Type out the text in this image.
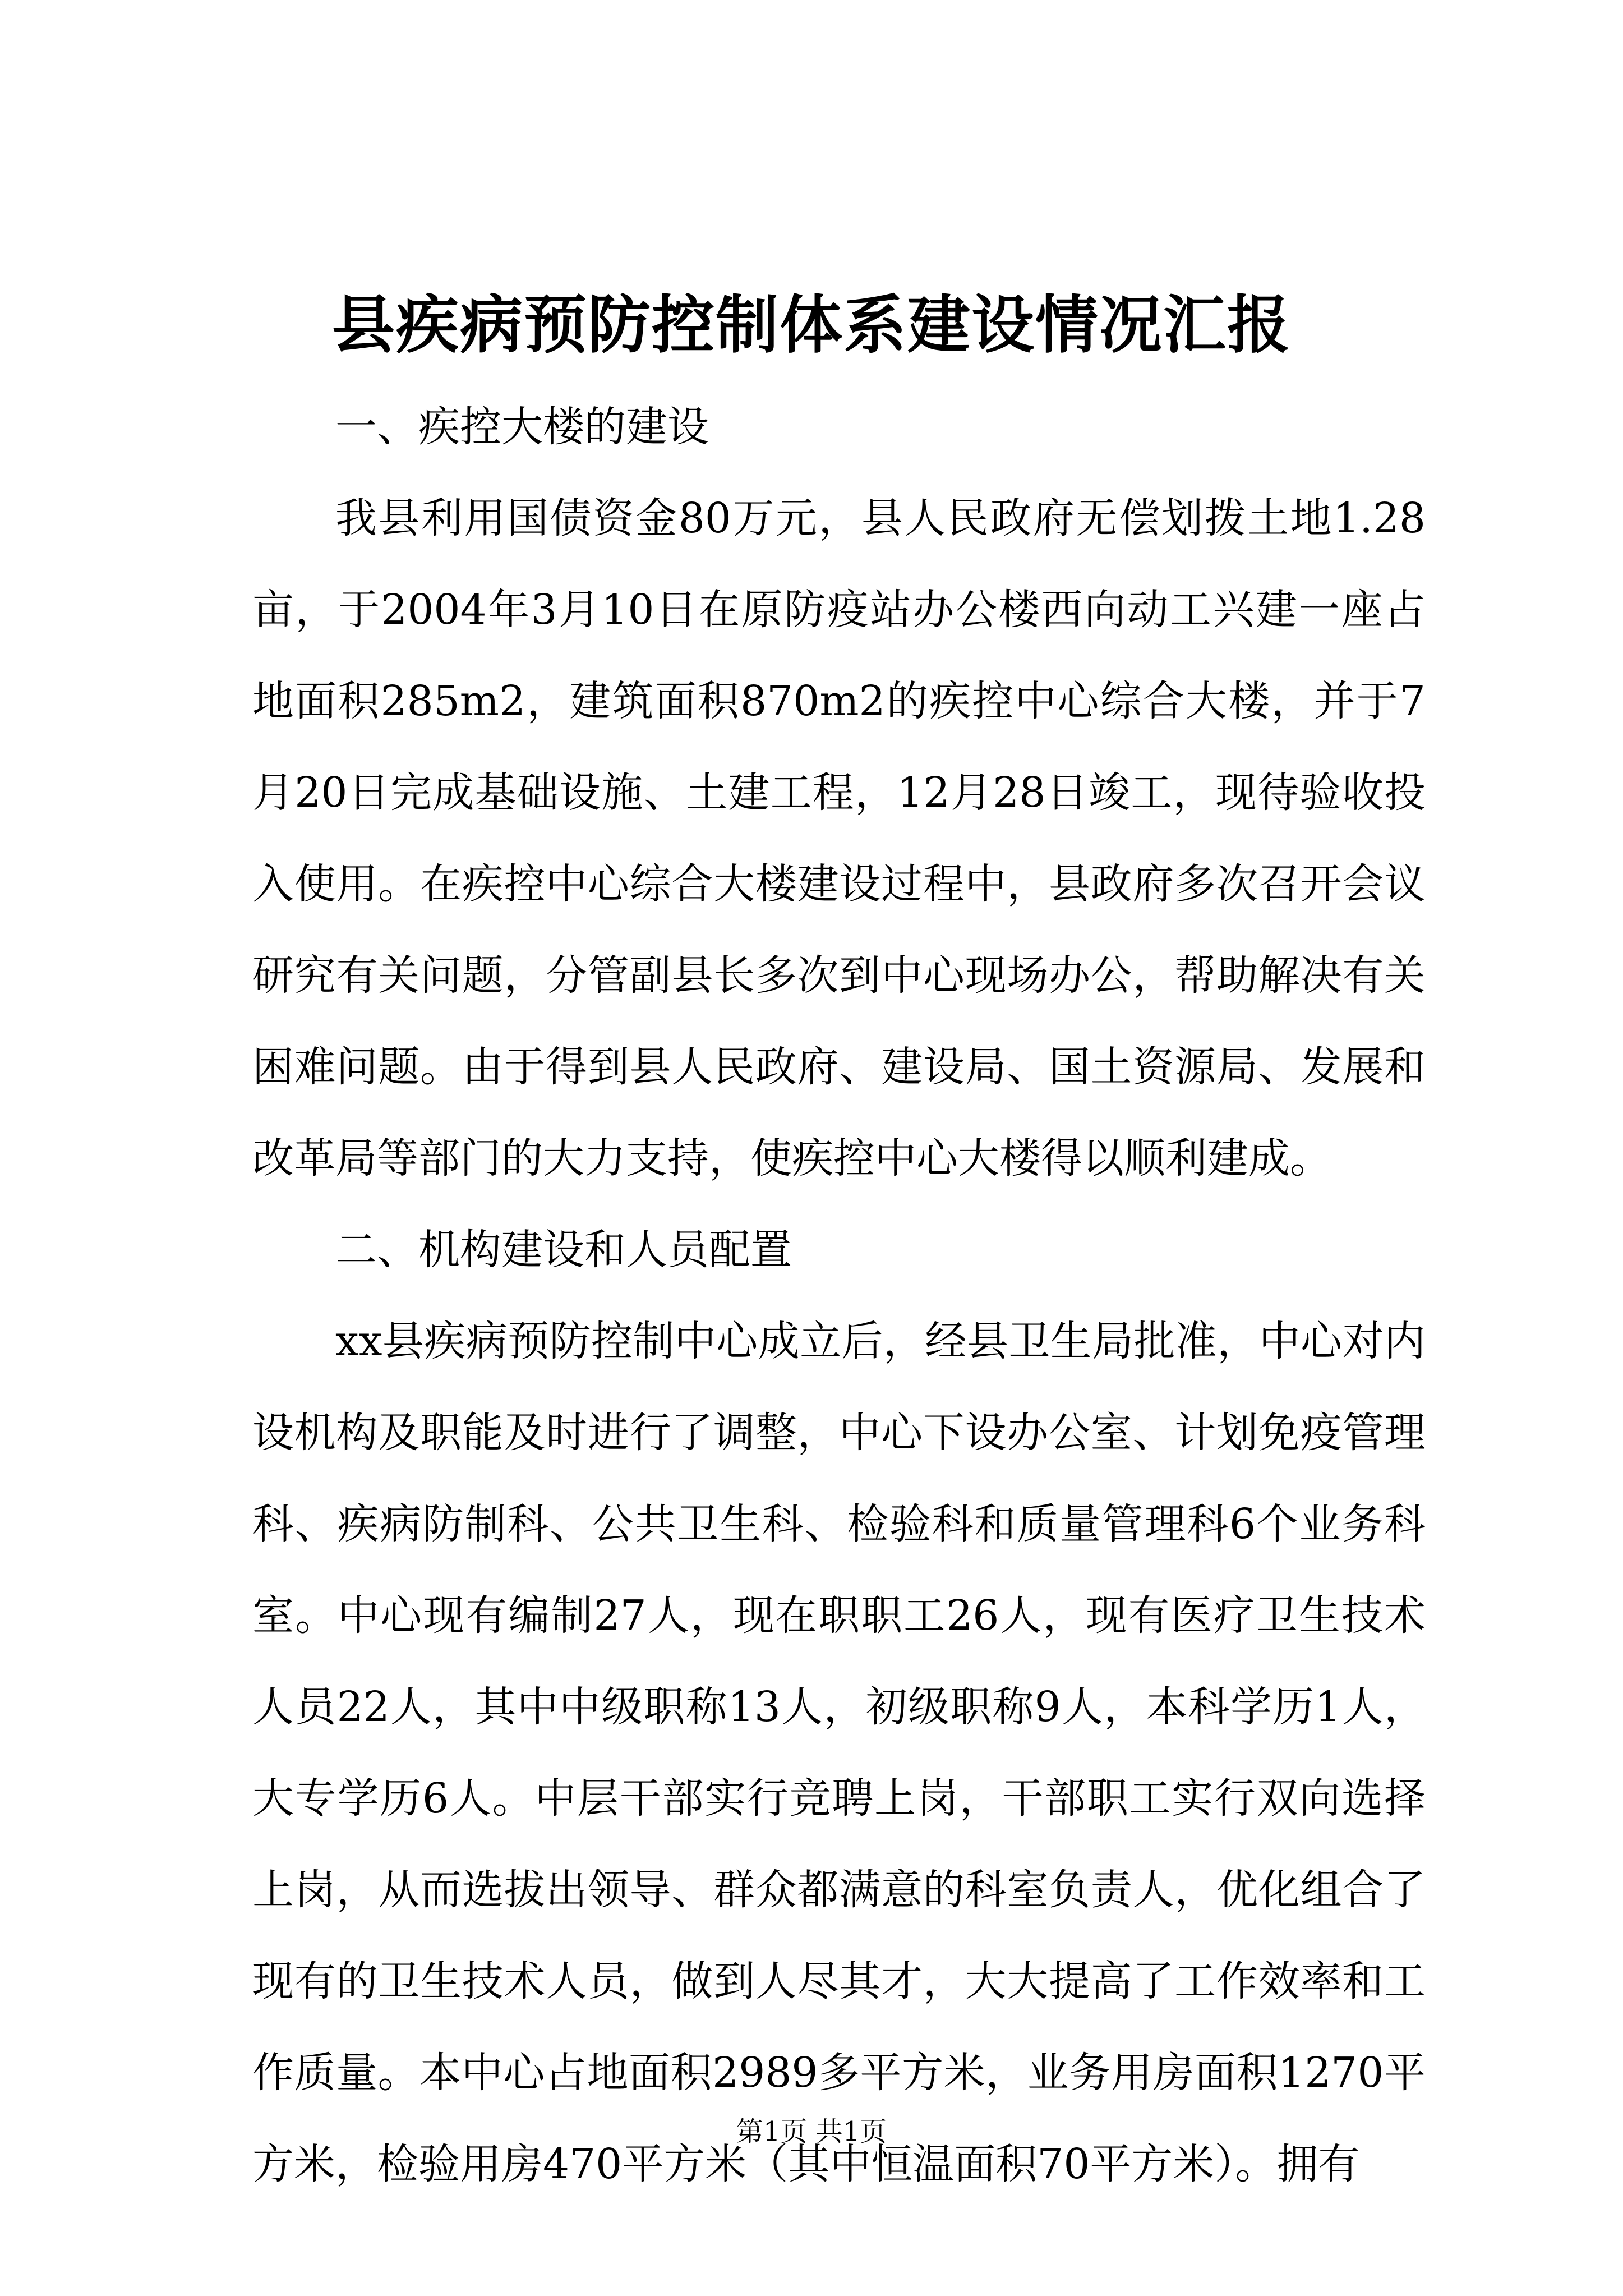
县疾病预防控制体系建设情况汇报

一、疾控大楼的建设

我县利用国债资金80万元，县人民政府无偿划拨土地1.28亩，于2004年3月10日在原防疫站办公楼西向动工兴建一座占地面积285m2，建筑面积870m2的疾控中心综合大楼，并于7月20日完成基础设施、土建工程，12月28日竣工，现待验收投入使用。在疾控中心综合大楼建设过程中，县政府多次召开会议研究有关问题，分管副县长多次到中心现场办公，帮助解决有关困难问题。由于得到县人民政府、建设局、国土资源局、发展和改革局等部门的大力支持，使疾控中心大楼得以顺利建成。

二、机构建设和人员配置

xx县疾病预防控制中心成立后，经县卫生局批准，中心对内设机构及职能及时进行了调整，中心下设办公室、计划免疫管理科、疾病防制科、公共卫生科、检验科和质量管理科6个业务科室。中心现有编制27人，现在职职工26人，现有医疗卫生技术人员22人，其中中级职称13人，初级职称9人，本科学历1人，大专学历6人。中层干部实行竞聘上岗，干部职工实行双向选择上岗，从而选拔出领导、群众都满意的科室负责人，优化组合了现有的卫生技术人员，做到人尽其才，大大提高了工作效率和工作质量。本中心占地面积2989多平方米，业务用房面积1270平方米，检验用房470平方米（其中恒温面积70平方米）。拥有

第1页 共1页
